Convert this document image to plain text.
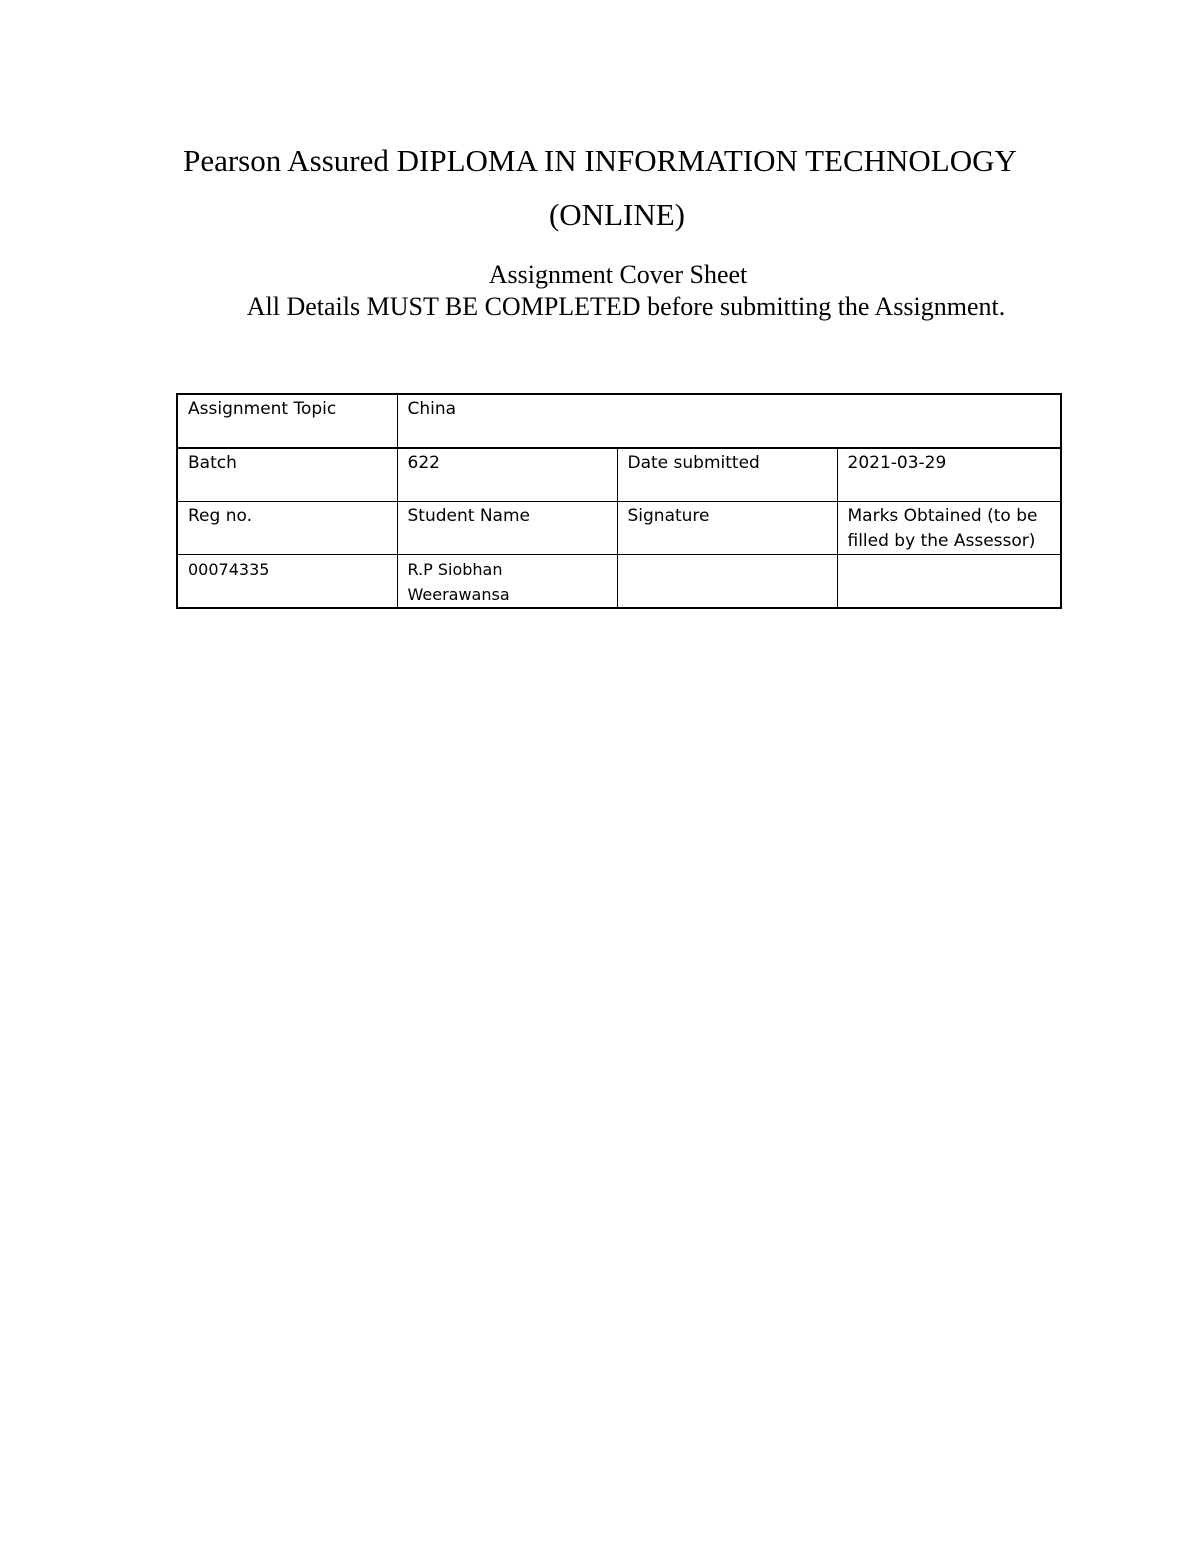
Pearson Assured DIPLOMA IN INFORMATION TECHNOLOGY
(ONLINE)
Assignment Cover Sheet
All Details MUST BE COMPLETED before submitting the Assignment.
Assignment Topic	China		
Batch	622	Date submitted	2021-03-29
Reg no.	Student Name	Signature	Marks Obtained (to be filled by the Assessor)
00074335	R.P Siobhan Weerawansa		
